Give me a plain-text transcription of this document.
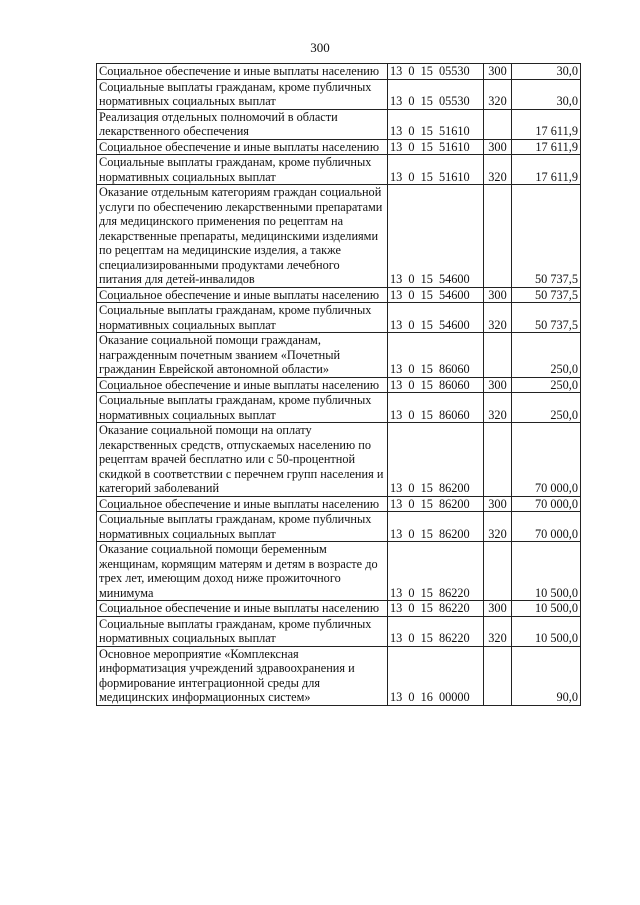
300
Социальное обеспечение и иные выплаты населению	13 0 15 05530	300	30,0
Социальные выплаты гражданам, кроме публичных нормативных социальных выплат	13 0 15 05530	320	30,0
Реализация отдельных полномочий в области лекарственного обеспечения	13 0 15 51610		17 611,9
Социальное обеспечение и иные выплаты населению	13 0 15 51610	300	17 611,9
Социальные выплаты гражданам, кроме публичных нормативных социальных выплат	13 0 15 51610	320	17 611,9
Оказание отдельным категориям граждан социальной услуги по обеспечению лекарственными препаратами для медицинского применения по рецептам на лекарственные препараты, медицинскими изделиями по рецептам на медицинские изделия, а также специализированными продуктами лечебного питания для детей-инвалидов	13 0 15 54600		50 737,5
Социальное обеспечение и иные выплаты населению	13 0 15 54600	300	50 737,5
Социальные выплаты гражданам, кроме публичных нормативных социальных выплат	13 0 15 54600	320	50 737,5
Оказание социальной помощи гражданам, награжденным почетным званием «Почетный гражданин Еврейской автономной области»	13 0 15 86060		250,0
Социальное обеспечение и иные выплаты населению	13 0 15 86060	300	250,0
Социальные выплаты гражданам, кроме публичных нормативных социальных выплат	13 0 15 86060	320	250,0
Оказание социальной помощи на оплату лекарственных средств, отпускаемых населению по рецептам врачей бесплатно или с 50-процентной скидкой в соответствии с перечнем групп населения и категорий заболеваний	13 0 15 86200		70 000,0
Социальное обеспечение и иные выплаты населению	13 0 15 86200	300	70 000,0
Социальные выплаты гражданам, кроме публичных нормативных социальных выплат	13 0 15 86200	320	70 000,0
Оказание социальной помощи беременным женщинам, кормящим матерям и детям в возрасте до трех лет, имеющим доход ниже прожиточного минимума	13 0 15 86220		10 500,0
Социальное обеспечение и иные выплаты населению	13 0 15 86220	300	10 500,0
Социальные выплаты гражданам, кроме публичных нормативных социальных выплат	13 0 15 86220	320	10 500,0
Основное мероприятие «Комплексная информатизация учреждений здравоохранения и формирование интеграционной среды для медицинских информационных систем»	13 0 16 00000		90,0
